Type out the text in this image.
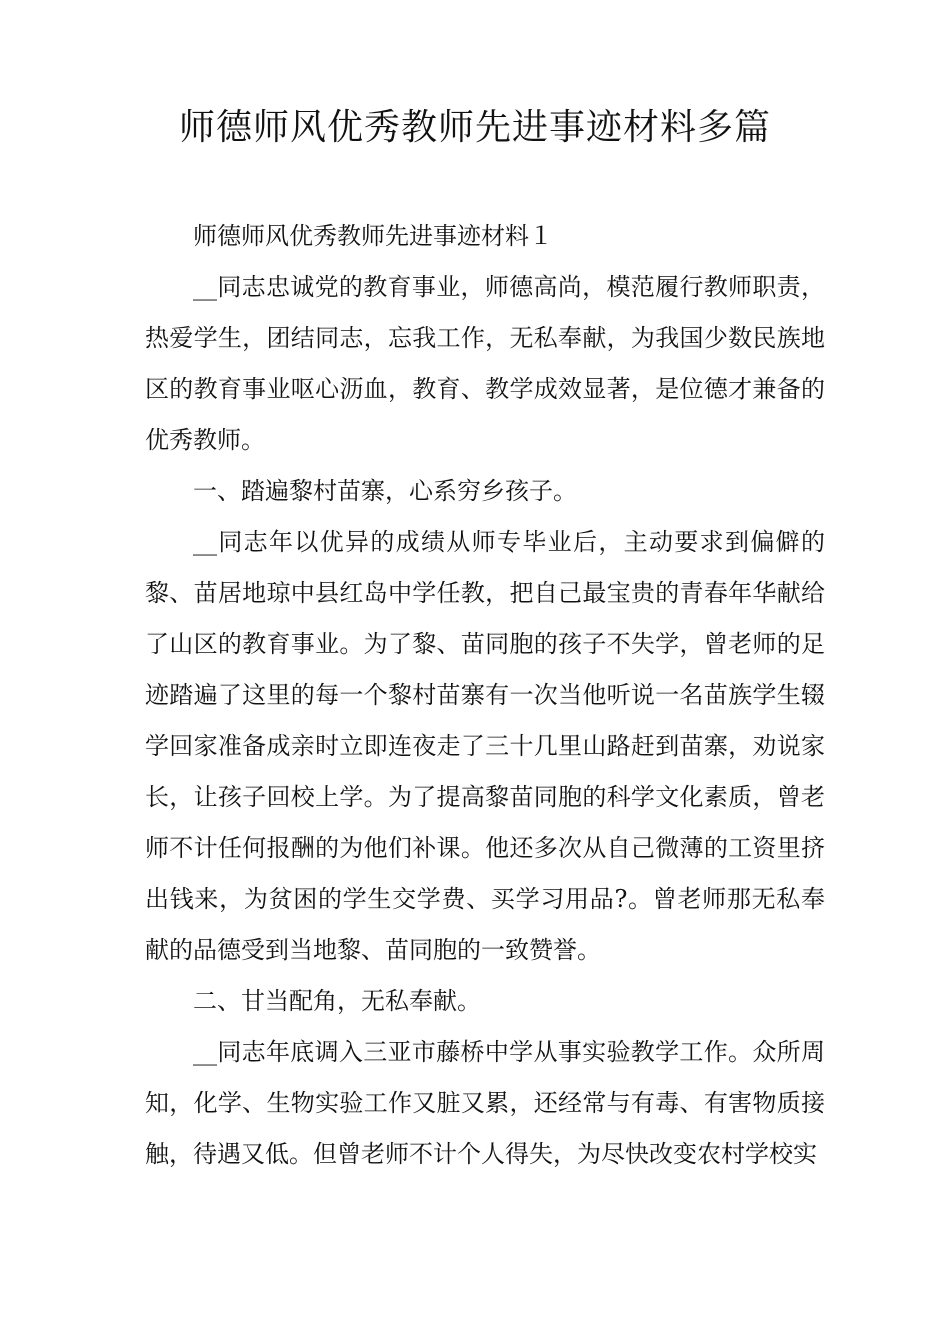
师德师风优秀教师先进事迹材料多篇

师德师风优秀教师先进事迹材料１

__同志忠诚党的教育事业，师德高尚，模范履行教师职责，热爱学生，团结同志，忘我工作，无私奉献，为我国少数民族地区的教育事业呕心沥血，教育、教学成效显著，是位德才兼备的优秀教师。

一、踏遍黎村苗寨，心系穷乡孩子。

__同志年以优异的成绩从师专毕业后，主动要求到偏僻的黎、苗居地琼中县红岛中学任教，把自己最宝贵的青春年华献给了山区的教育事业。为了黎、苗同胞的孩子不失学，曾老师的足迹踏遍了这里的每一个黎村苗寨有一次当他听说一名苗族学生辍学回家准备成亲时立即连夜走了三十几里山路赶到苗寨，劝说家长，让孩子回校上学。为了提高黎苗同胞的科学文化素质，曾老师不计任何报酬的为他们补课。他还多次从自己微薄的工资里挤出钱来，为贫困的学生交学费、买学习用品?。曾老师那无私奉献的品德受到当地黎、苗同胞的一致赞誉。

二、甘当配角，无私奉献。

__同志年底调入三亚市藤桥中学从事实验教学工作。众所周知，化学、生物实验工作又脏又累，还经常与有毒、有害物质接触，待遇又低。但曾老师不计个人得失，为尽快改变农村学校实
